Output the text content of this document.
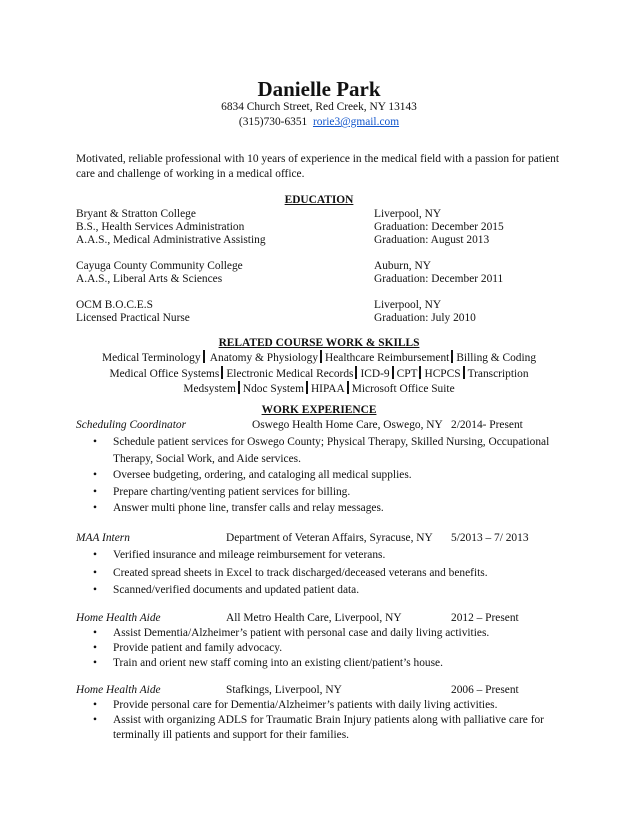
Danielle Park
6834 Church Street, Red Creek, NY 13143
(315)730-6351 rorie3@gmail.com
Motivated, reliable professional with 10 years of experience in the medical field with a passion for patient care and challenge of working in a medical office.
EDUCATION
Bryant & Stratton College	Liverpool, NY
B.S., Health Services Administration	Graduation: December 2015
A.A.S., Medical Administrative Assisting	Graduation: August 2013
Cayuga County Community College	Auburn, NY
A.A.S., Liberal Arts & Sciences	Graduation: December 2011
OCM B.O.C.E.S	Liverpool, NY
Licensed Practical Nurse	Graduation: July 2010
RELATED COURSE WORK & SKILLS
Medical Terminology Anatomy & Physiology Healthcare Reimbursement Billing & Coding
Medical Office Systems Electronic Medical Records ICD-9 CPT HCPCS Transcription
Medsystem Ndoc System HIPAA Microsoft Office Suite
WORK EXPERIENCE
Scheduling Coordinator	Oswego Health Home Care, Oswego, NY 2/2014- Present
• Schedule patient services for Oswego County; Physical Therapy, Skilled Nursing, Occupational Therapy, Social Work, and Aide services.
• Oversee budgeting, ordering, and cataloging all medical supplies.
• Prepare charting/venting patient services for billing.
• Answer multi phone line, transfer calls and relay messages.
MAA Intern	Department of Veteran Affairs, Syracuse, NY 5/2013 – 7/ 2013
• Verified insurance and mileage reimbursement for veterans.
• Created spread sheets in Excel to track discharged/deceased veterans and benefits.
• Scanned/verified documents and updated patient data.
Home Health Aide	All Metro Health Care, Liverpool, NY	2012 – Present
• Assist Dementia/Alzheimer’s patient with personal case and daily living activities.
• Provide patient and family advocacy.
• Train and orient new staff coming into an existing client/patient’s house.
Home Health Aide	Stafkings, Liverpool, NY	2006 – Present
• Provide personal care for Dementia/Alzheimer’s patients with daily living activities.
• Assist with organizing ADLS for Traumatic Brain Injury patients along with palliative care for terminally ill patients and support for their families.
